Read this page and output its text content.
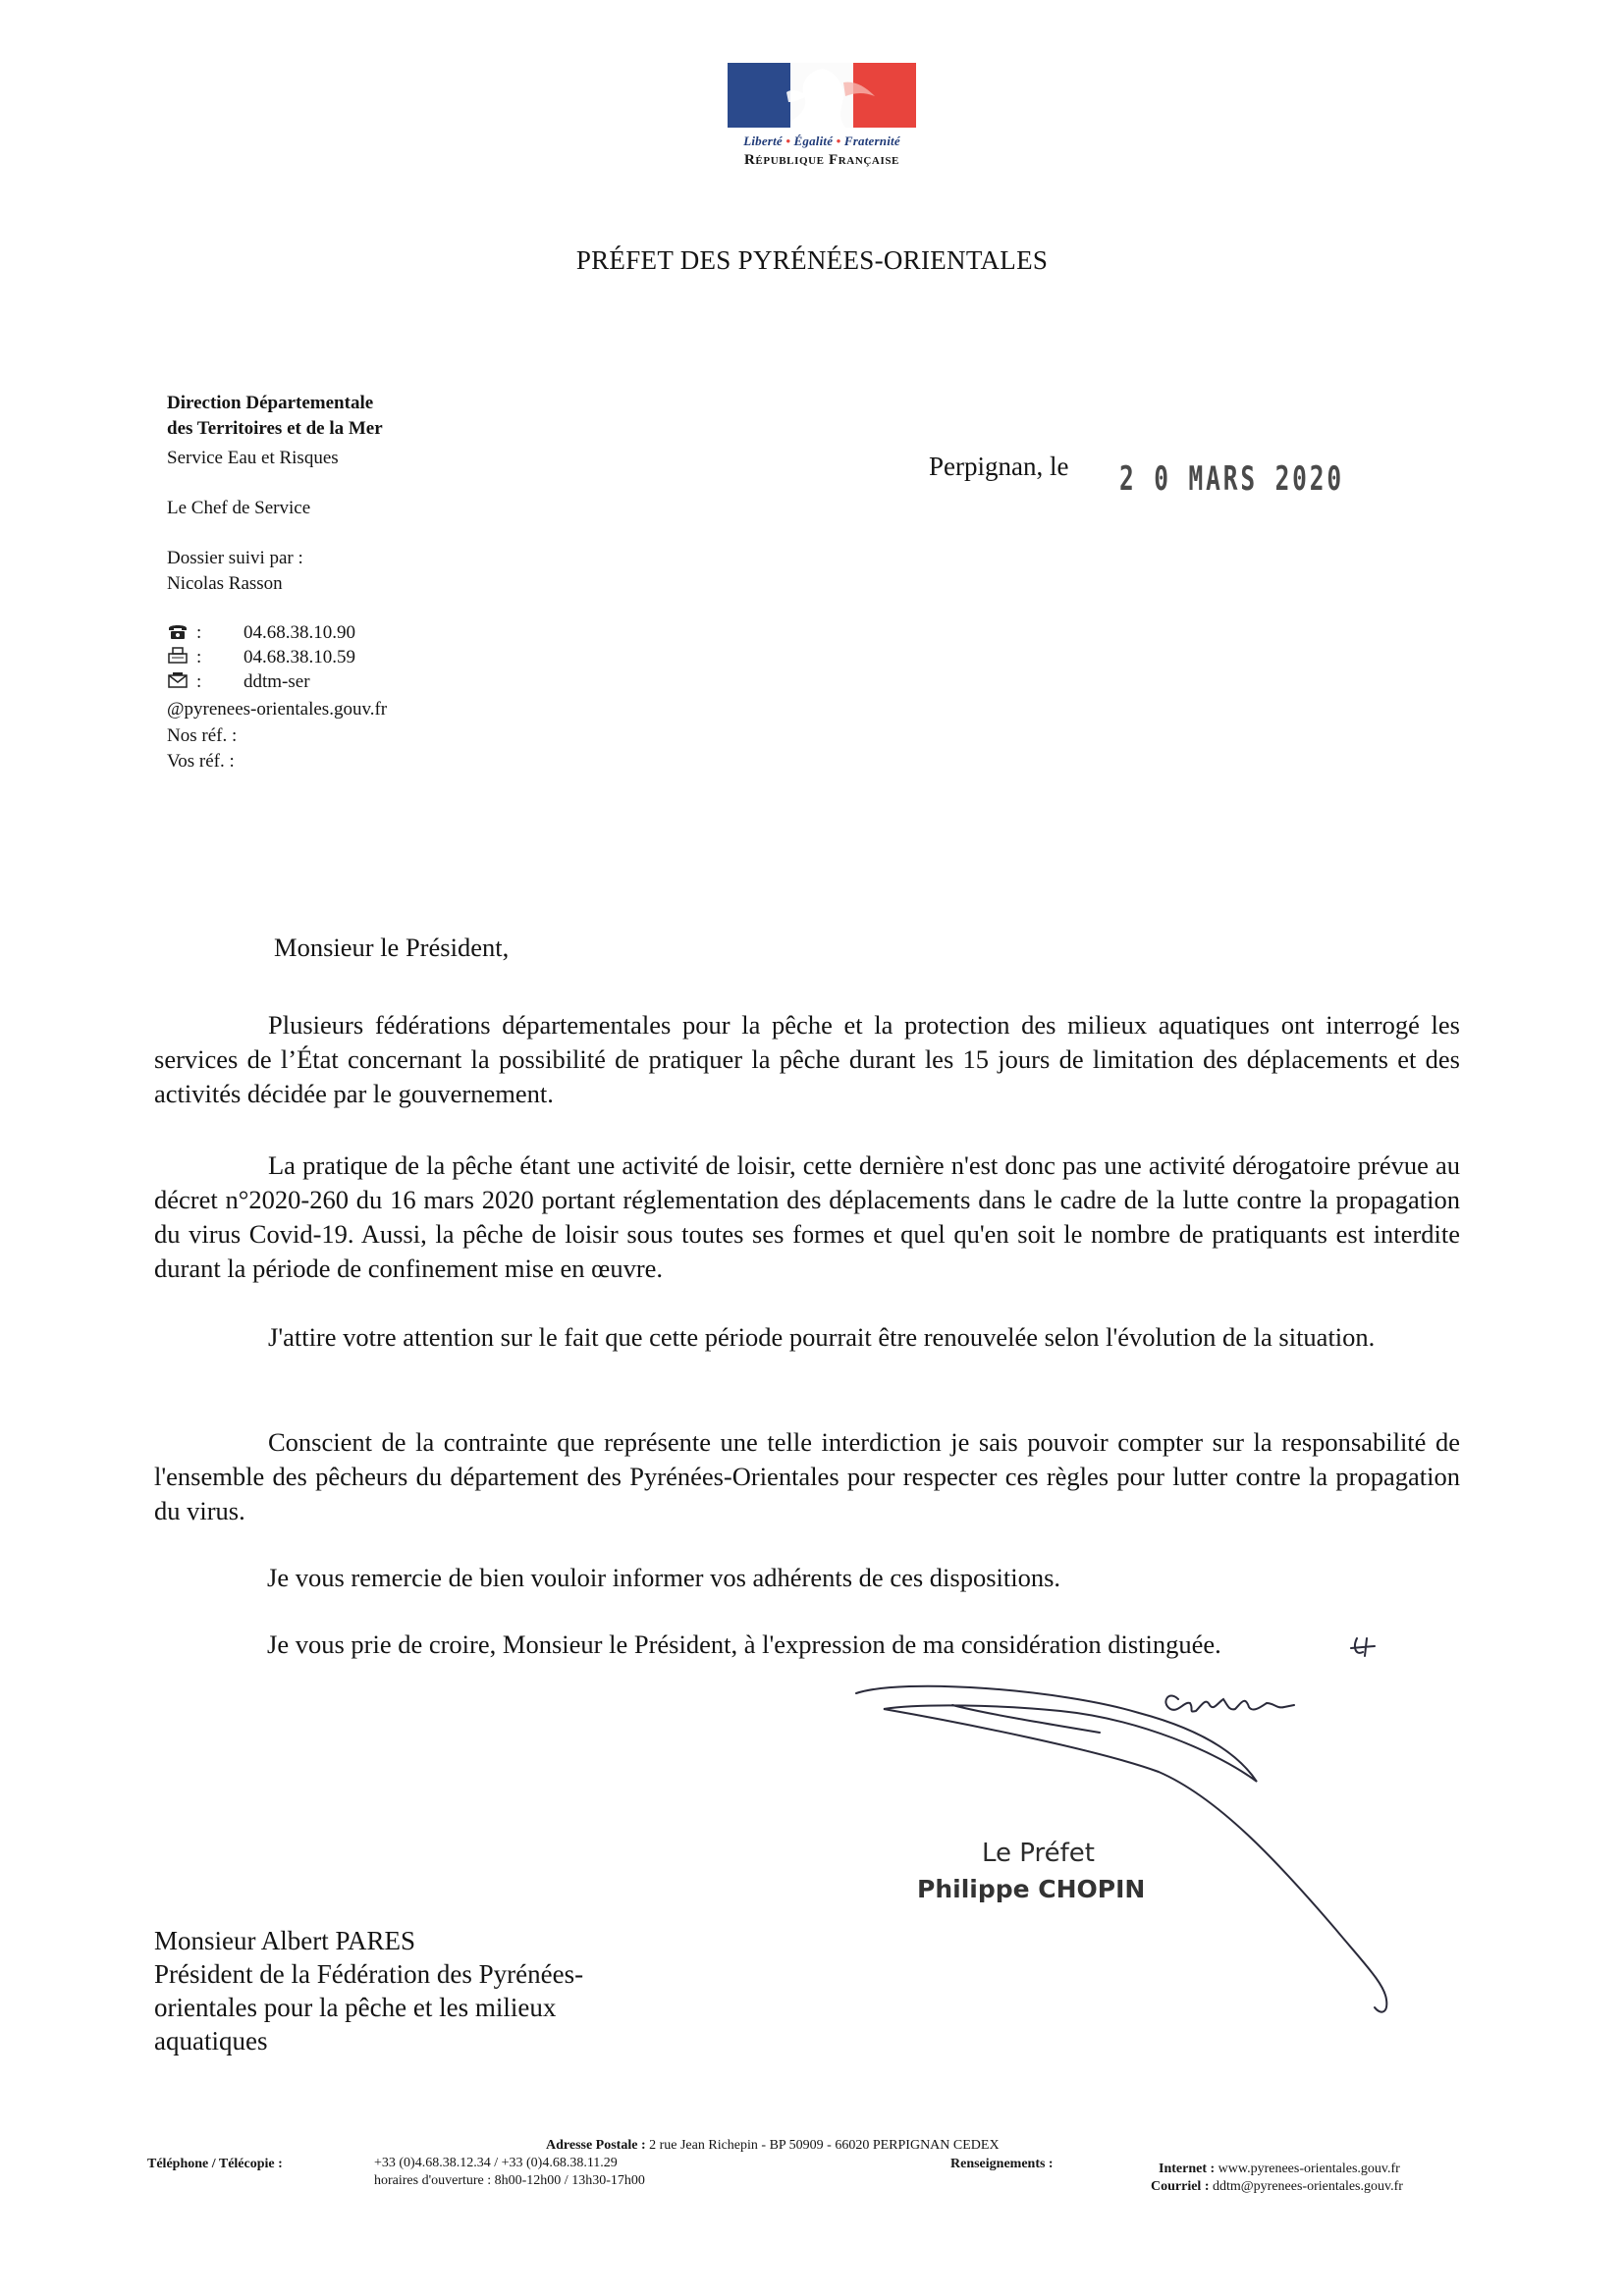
Liberté • Égalité • Fraternité
République Française
PRÉFET DES PYRÉNÉES-ORIENTALES
Direction Départementale
des Territoires et de la Mer
Service Eau et Risques
Le Chef de Service
Dossier suivi par :
Nicolas Rasson
: 04.68.38.10.90
: 04.68.38.10.59
: ddtm-ser
@pyrenees-orientales.gouv.fr
Nos réf. :
Vos réf. :
Perpignan, le 2 0 MARS 2020
Monsieur le Président,
Plusieurs fédérations départementales pour la pêche et la protection des milieux aquatiques ont interrogé les services de l’État concernant la possibilité de pratiquer la pêche durant les 15 jours de limitation des déplacements et des activités décidée par le gouvernement.
La pratique de la pêche étant une activité de loisir, cette dernière n'est donc pas une activité dérogatoire prévue au décret n°2020-260 du 16 mars 2020 portant réglementation des déplacements dans le cadre de la lutte contre la propagation du virus Covid-19. Aussi, la pêche de loisir sous toutes ses formes et quel qu'en soit le nombre de pratiquants est interdite durant la période de confinement mise en œuvre.
J'attire votre attention sur le fait que cette période pourrait être renouvelée selon l'évolution de la situation.
Conscient de la contrainte que représente une telle interdiction je sais pouvoir compter sur la responsabilité de l'ensemble des pêcheurs du département des Pyrénées-Orientales pour respecter ces règles pour lutter contre la propagation du virus.
Je vous remercie de bien vouloir informer vos adhérents de ces dispositions.
Je vous prie de croire, Monsieur le Président, à l'expression de ma considération distinguée.
Le Préfet
Philippe CHOPIN
Monsieur Albert PARES
Président de la Fédération des Pyrénées-
orientales pour la pêche et les milieux
aquatiques
Adresse Postale : 2 rue Jean Richepin - BP 50909 - 66020 PERPIGNAN CEDEX
Téléphone / Télécopie :	+33 (0)4.68.38.12.34 / +33 (0)4.68.38.11.29
horaires d'ouverture : 8h00-12h00 / 13h30-17h00
Renseignements :	Internet : www.pyrenees-orientales.gouv.fr
Courriel : ddtm@pyrenees-orientales.gouv.fr
